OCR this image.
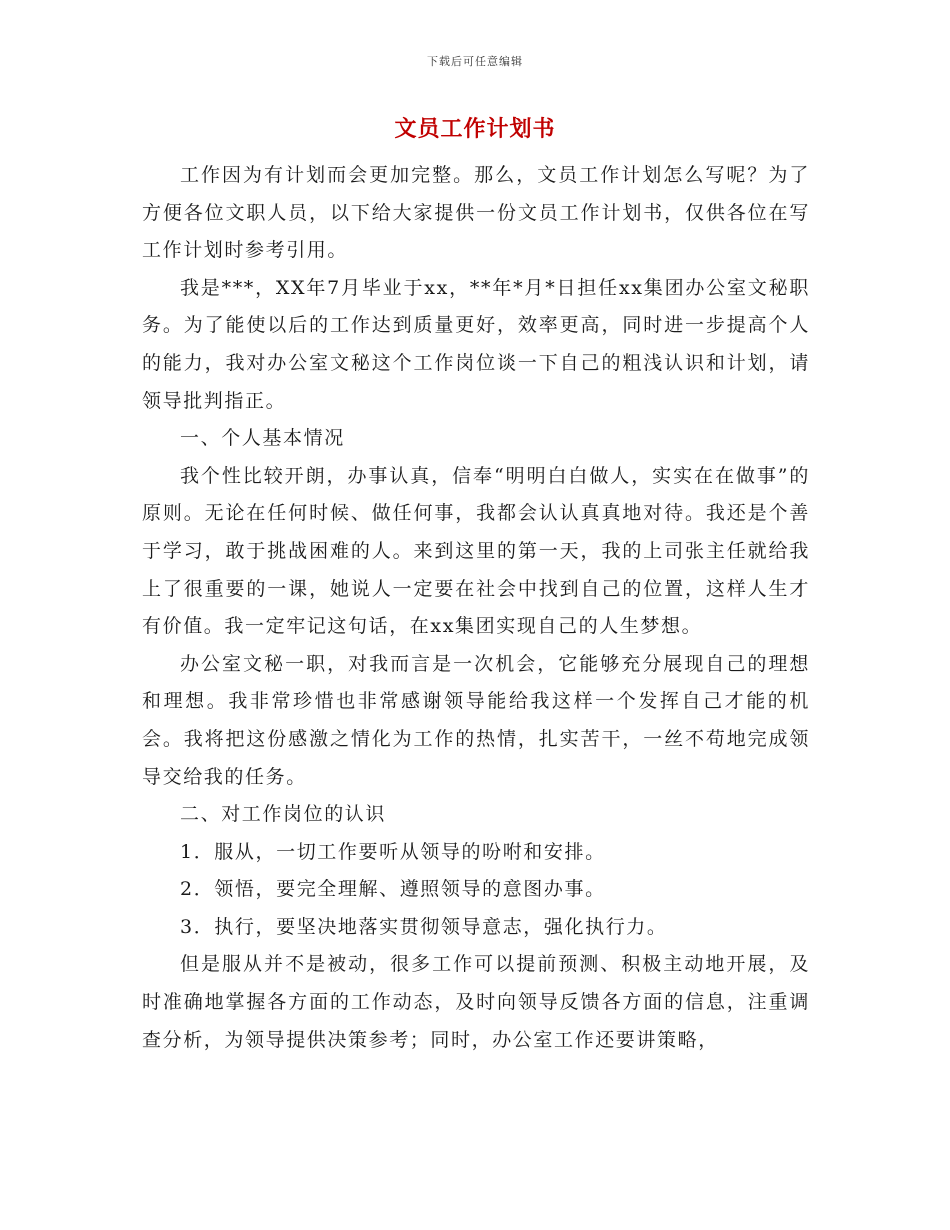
下载后可任意编辑
文员工作计划书

工作因为有计划而会更加完整。那么，文员工作计划怎么写呢？为了方便各位文职人员，以下给大家提供一份文员工作计划书，仅供各位在写工作计划时参考引用。

我是***，XX年7月毕业于xx，**年*月*日担任xx集团办公室文秘职务。为了能使以后的工作达到质量更好，效率更高，同时进一步提高个人的能力，我对办公室文秘这个工作岗位谈一下自己的粗浅认识和计划，请领导批判指正。

一、个人基本情况

我个性比较开朗，办事认真，信奉“明明白白做人，实实在在做事”的原则。无论在任何时候、做任何事，我都会认认真真地对待。我还是个善于学习，敢于挑战困难的人。来到这里的第一天，我的上司张主任就给我上了很重要的一课，她说人一定要在社会中找到自己的位置，这样人生才有价值。我一定牢记这句话，在xx集团实现自己的人生梦想。

办公室文秘一职，对我而言是一次机会，它能够充分展现自己的理想和理想。我非常珍惜也非常感谢领导能给我这样一个发挥自己才能的机会。我将把这份感激之情化为工作的热情，扎实苦干，一丝不苟地完成领导交给我的任务。

二、对工作岗位的认识

1．服从，一切工作要听从领导的吩咐和安排。

2．领悟，要完全理解、遵照领导的意图办事。

3．执行，要坚决地落实贯彻领导意志，强化执行力。

但是服从并不是被动，很多工作可以提前预测、积极主动地开展，及时准确地掌握各方面的工作动态，及时向领导反馈各方面的信息，注重调查分析，为领导提供决策参考；同时，办公室工作还要讲策略，
